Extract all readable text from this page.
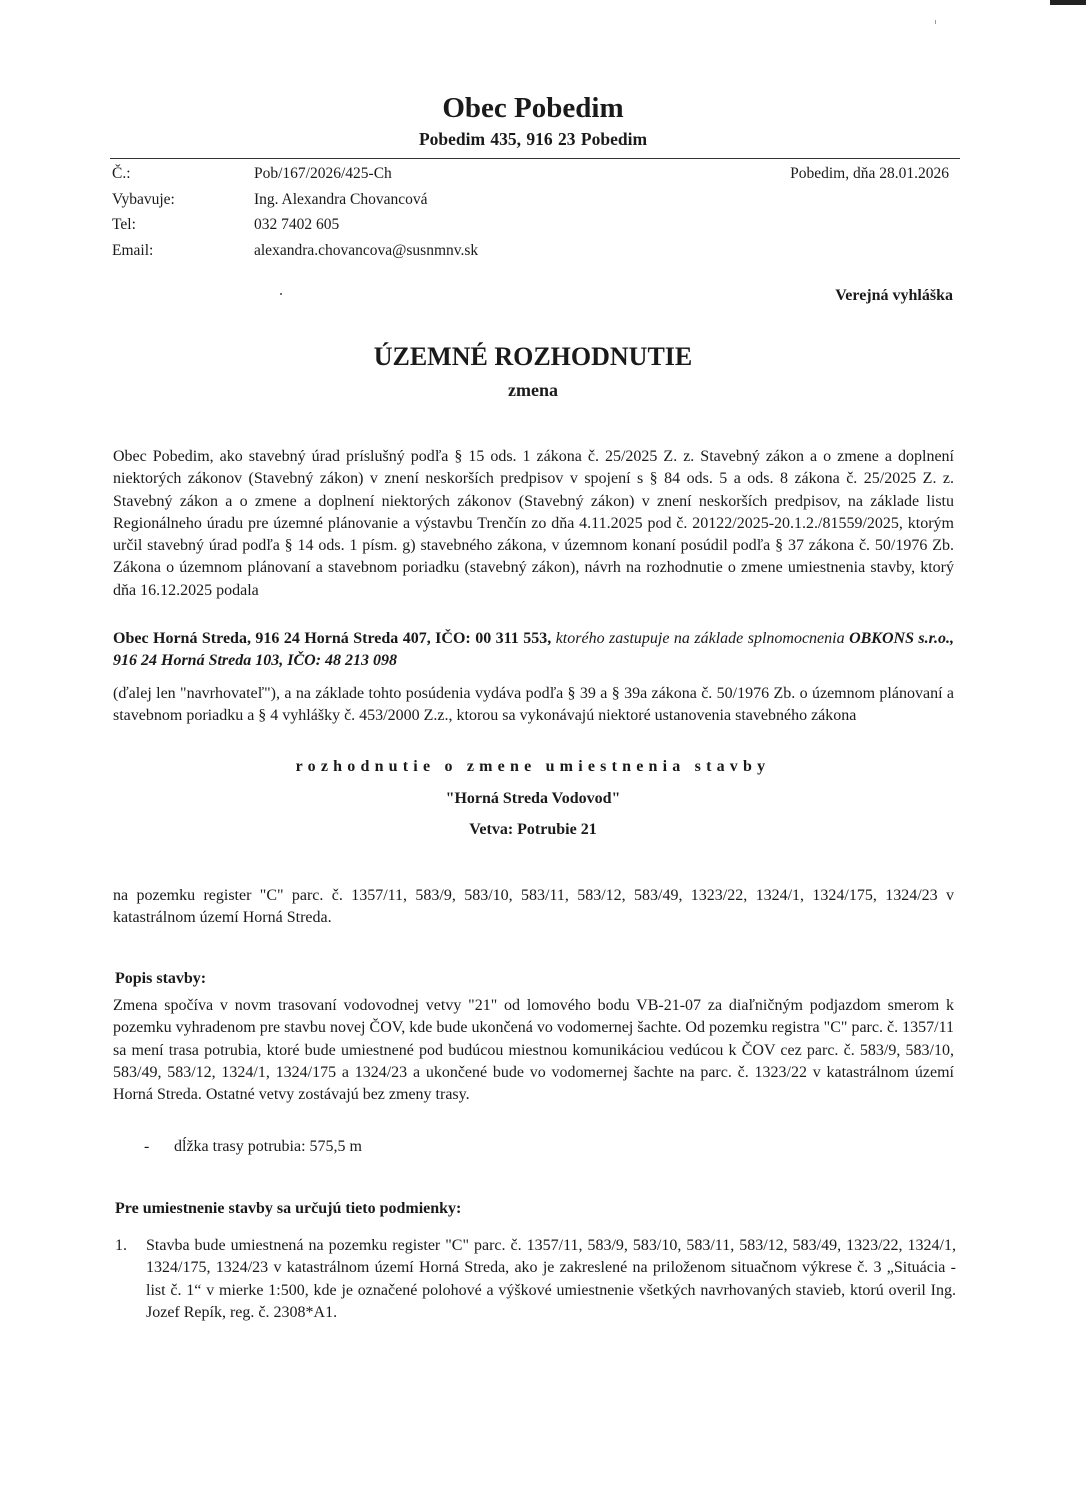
Obec Pobedim
Pobedim 435, 916 23 Pobedim
Č.:	Pob/167/2026/425-Ch
Vybavuje:	Ing. Alexandra Chovancová
Tel:	032 7402 605
Email:	alexandra.chovancova@susnmnv.sk
Pobedim, dňa 28.01.2026
Verejná vyhláška
ÚZEMNÉ ROZHODNUTIE
zmena

Obec Pobedim, ako stavebný úrad príslušný podľa § 15 ods. 1 zákona č. 25/2025 Z. z. Stavebný zákon a o zmene a doplnení niektorých zákonov (Stavebný zákon) v znení neskorších predpisov v spojení s § 84 ods. 5 a ods. 8 zákona č. 25/2025 Z. z. Stavebný zákon a o zmene a doplnení niektorých zákonov (Stavebný zákon) v znení neskorších predpisov, na základe listu Regionálneho úradu pre územné plánovanie a výstavbu Trenčín zo dňa 4.11.2025 pod č. 20122/2025-20.1.2./81559/2025, ktorým určil stavebný úrad podľa § 14 ods. 1 písm. g) stavebného zákona, v územnom konaní posúdil podľa § 37 zákona č. 50/1976 Zb. Zákona o územnom plánovaní a stavebnom poriadku (stavebný zákon), návrh na rozhodnutie o zmene umiestnenia stavby, ktorý dňa 16.12.2025 podala

Obec Horná Streda, 916 24 Horná Streda 407, IČO: 00 311 553, ktorého zastupuje na základe splnomocnenia OBKONS s.r.o., 916 24 Horná Streda 103, IČO: 48 213 098

(ďalej len "navrhovateľ"), a na základe tohto posúdenia vydáva podľa § 39 a § 39a zákona č. 50/1976 Zb. o územnom plánovaní a stavebnom poriadku a § 4 vyhlášky č. 453/2000 Z.z., ktorou sa vykonávajú niektoré ustanovenia stavebného zákona

rozhodnutie o zmene umiestnenia stavby
"Horná Streda Vodovod"
Vetva: Potrubie 21

na pozemku register "C" parc. č. 1357/11, 583/9, 583/10, 583/11, 583/12, 583/49, 1323/22, 1324/1, 1324/175, 1324/23 v katastrálnom území Horná Streda.

Popis stavby:

Zmena spočíva v novm trasovaní vodovodnej vetvy "21" od lomového bodu VB-21-07 za diaľničným podjazdom smerom k pozemku vyhradenom pre stavbu novej ČOV, kde bude ukončená vo vodomernej šachte. Od pozemku registra "C" parc. č. 1357/11 sa mení trasa potrubia, ktoré bude umiestnené pod budúcou miestnou komunikáciou vedúcou k ČOV cez parc. č. 583/9, 583/10, 583/49, 583/12, 1324/1, 1324/175 a 1324/23 a ukončené bude vo vodomernej šachte na parc. č. 1323/22 v katastrálnom území Horná Streda. Ostatné vetvy zostávajú bez zmeny trasy.

-	dĺžka trasy potrubia: 575,5 m
Pre umiestnenie stavby sa určujú tieto podmienky:
1.	Stavba bude umiestnená na pozemku register "C" parc. č. 1357/11, 583/9, 583/10, 583/11, 583/12, 583/49, 1323/22, 1324/1, 1324/175, 1324/23 v katastrálnom území Horná Streda, ako je zakreslené na priloženom situačnom výkrese č. 3 „Situácia - list č. 1“ v mierke 1:500, kde je označené polohové a výškové umiestnenie všetkých navrhovaných stavieb, ktorú overil Ing. Jozef Repík, reg. č. 2308*A1.
